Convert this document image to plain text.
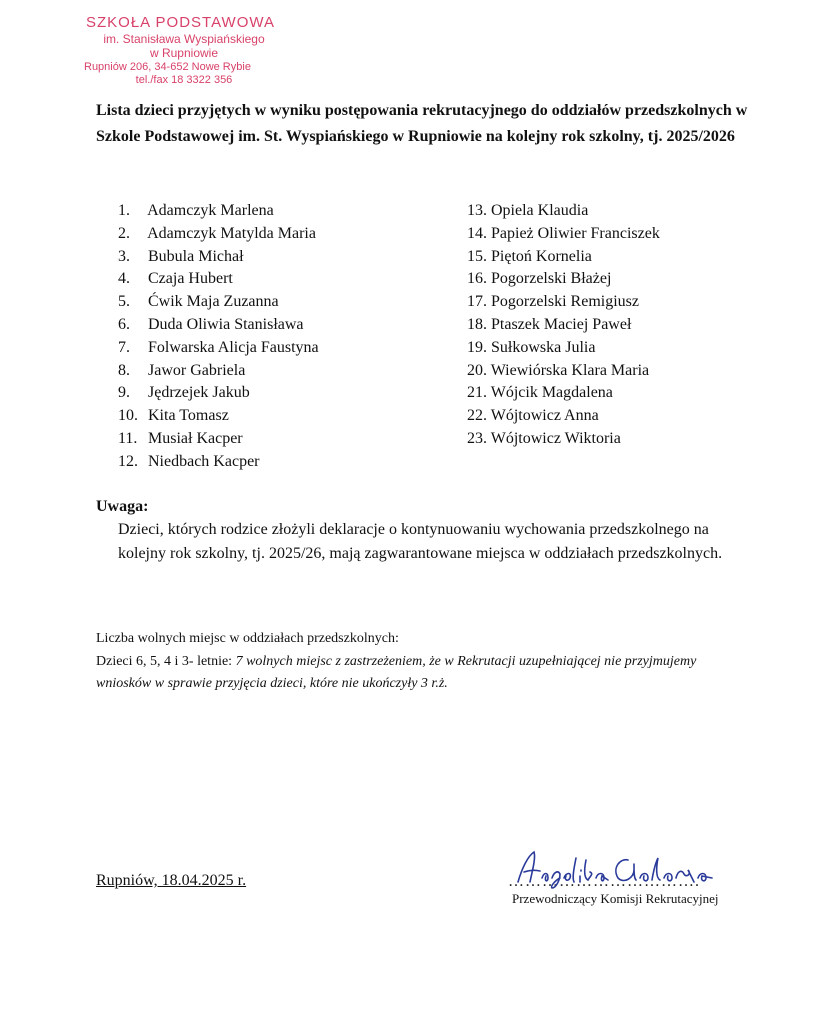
SZKOŁA PODSTAWOWA
im. Stanisława Wyspiańskiego
w Rupniowie
Rupniów 206, 34-652 Nowe Rybie
tel./fax 18 3322 356
Lista dzieci przyjętych w wyniku postępowania rekrutacyjnego do oddziałów przedszkolnych w Szkole Podstawowej im. St. Wyspiańskiego w Rupniowie na kolejny rok szkolny, tj. 2025/2026
1. Adamczyk Marlena
2. Adamczyk Matylda Maria
3. Bubula Michał
4. Czaja Hubert
5. Ćwik Maja Zuzanna
6. Duda Oliwia Stanisława
7. Folwarska Alicja Faustyna
8. Jawor Gabriela
9. Jędrzejek Jakub
10. Kita Tomasz
11. Musiał Kacper
12. Niedbach Kacper
13. Opiela Klaudia
14. Papież Oliwier Franciszek
15. Piętoń Kornelia
16. Pogorzelski Błażej
17. Pogorzelski Remigiusz
18. Ptaszek Maciej Paweł
19. Sułkowska Julia
20. Wiewiórska Klara Maria
21. Wójcik Magdalena
22. Wójtowicz Anna
23. Wójtowicz Wiktoria
Uwaga:
Dzieci, których rodzice złożyli deklaracje o kontynuowaniu wychowania przedszkolnego na kolejny rok szkolny, tj. 2025/26, mają zagwarantowane miejsca w oddziałach przedszkolnych.
Liczba wolnych miejsc w oddziałach przedszkolnych:
Dzieci 6, 5, 4 i 3- letnie: 7 wolnych miejsc z zastrzeżeniem, że w Rekrutacji uzupełniającej nie przyjmujemy wniosków w sprawie przyjęcia dzieci, które nie ukończyły 3 r.ż.
Rupniów, 18.04.2025 r.	…………………………….
Przewodniczący Komisji Rekrutacyjnej
